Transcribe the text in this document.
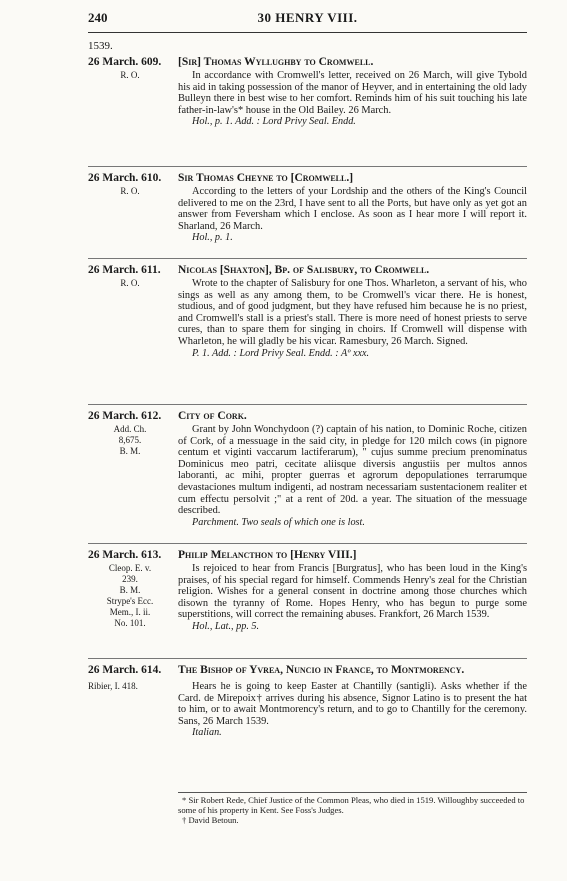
240	30 HENRY VIII.
1539.
26 March. 609. [Sir] Thomas Wyllughby to Cromwell.
R. O.	In accordance with Cromwell's letter, received on 26 March, will give Tybold his aid in taking possession of the manor of Heyver, and in entertaining the old lady Bulleyn there in best wise to her comfort. Reminds him of his suit touching his late father-in-law's* house in the Old Bailey. 26 March.
Hol., p. 1. Add. : Lord Privy Seal. Endd.
26 March. 610. Sir Thomas Cheyne to [Cromwell.]
R. O.	According to the letters of your Lordship and the others of the King's Council delivered to me on the 23rd, I have sent to all the Ports, but have only as yet got an answer from Feversham which I enclose. As soon as I hear more I will report it. Sharland, 26 March.
Hol., p. 1.
26 March. 611. Nicolas [Shaxton], Bp. of Salisbury, to Cromwell.
R. O.	Wrote to the chapter of Salisbury for one Thos. Wharleton, a servant of his, who sings as well as any among them, to be Cromwell's vicar there. He is honest, studious, and of good judgment, but they have refused him because he is no priest, and Cromwell's stall is a priest's stall. There is more need of honest priests to serve cures, than to spare them for singing in choirs. If Cromwell will dispense with Wharleton, he will gladly be his vicar. Ramesbury, 26 March. Signed.
P. 1. Add. : Lord Privy Seal. Endd. : Aº xxx.
26 March. 612. City of Cork.
Add. Ch.
8,675.
B. M.
Grant by John Wonchydoon (?) captain of his nation, to Dominic Roche, citizen of Cork, of a messuage in the said city, in pledge for 120 milch cows (in pignore centum et viginti vaccarum lactiferarum), " cujus summe precium prenominatus Dominicus meo patri, cecitate aliisque diversis angustiis per multos annos laboranti, ac mihi, propter guerras et agrorum depopulationes terrarumque devastaciones multum indigenti, ad nostram necessariam sustentacionem realiter et cum effectu persolvit ;" at a rent of 20d. a year. The situation of the messuage described.
Parchment. Two seals of which one is lost.
26 March. 613. Philip Melancthon to [Henry VIII.]
Cleop. E. v.
239.
B. M.
Strype's Ecc.
Mem., I. ii.
No. 101.
Is rejoiced to hear from Francis [Burgratus], who has been loud in the King's praises, of his special regard for himself. Commends Henry's zeal for the Christian religion. Wishes for a general consent in doctrine among those churches which disown the tyranny of Rome. Hopes Henry, who has begun to purge some superstitions, will correct the remaining abuses. Frankfort, 26 March 1539.
Hol., Lat., pp. 5.
26 March. 614. The Bishop of Yvrea, Nuncio in France, to Montmorency.
Ribier, I. 418.	Hears he is going to keep Easter at Chantilly (santigli). Asks whether if the Card. de Mirepoix† arrives during his absence, Signor Latino is to present the hat to him, or to await Montmorency's return, and to go to Chantilly for the ceremony. Sans, 26 March 1539.
Italian.
* Sir Robert Rede, Chief Justice of the Common Pleas, who died in 1519. Willoughby succeeded to some of his property in Kent. See Foss's Judges.
† David Betoun.
